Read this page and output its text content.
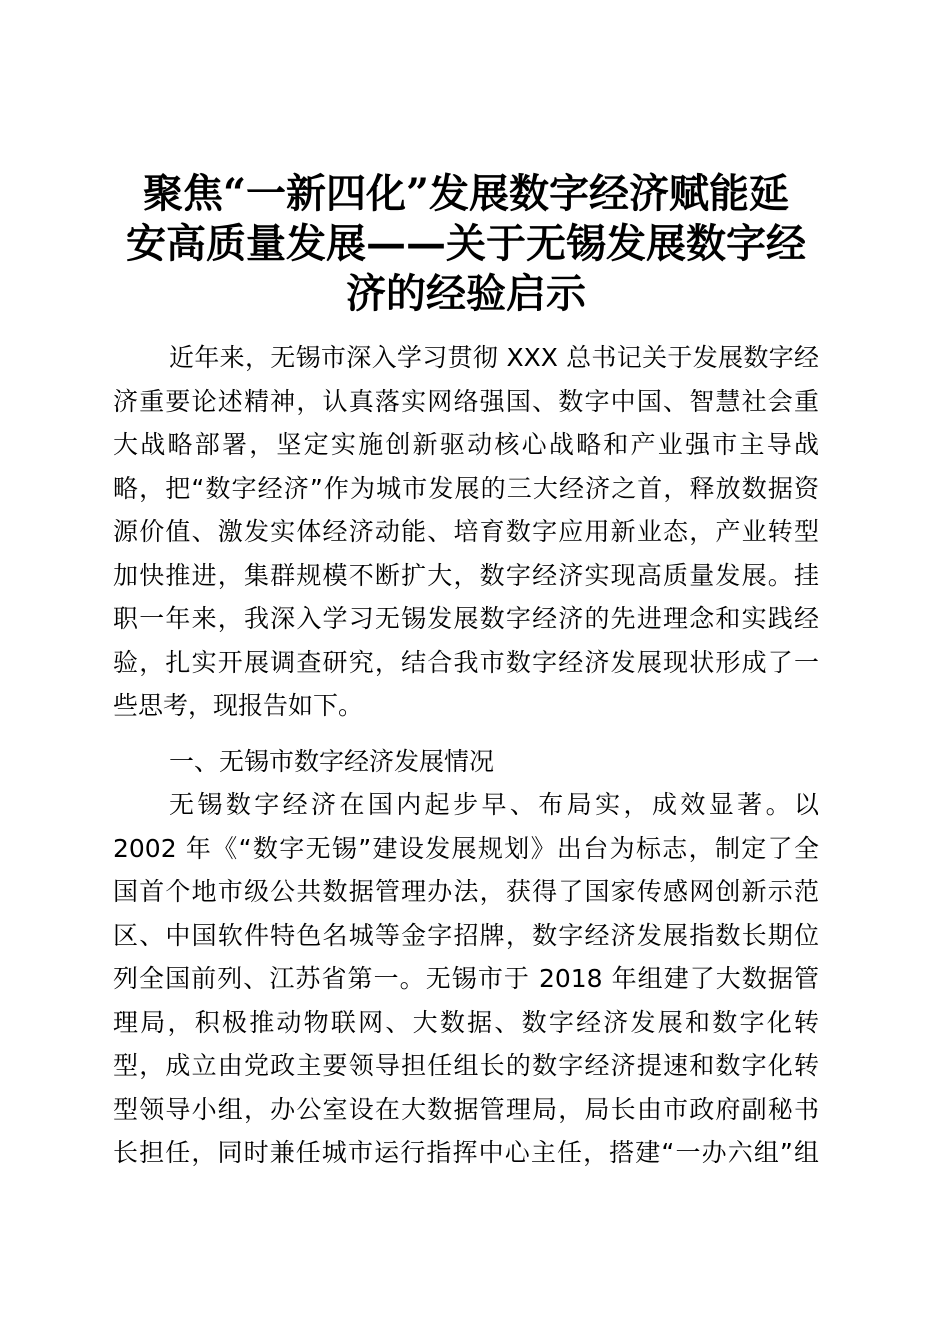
聚焦“一新四化”发展数字经济赋能延
安高质量发展——关于无锡发展数字经
济的经验启示
近年来，无锡市深入学习贯彻 XXX 总书记关于发展数字经
济重要论述精神，认真落实网络强国、数字中国、智慧社会重
大战略部署，坚定实施创新驱动核心战略和产业强市主导战
略，把“数字经济”作为城市发展的三大经济之首，释放数据资
源价值、激发实体经济动能、培育数字应用新业态，产业转型
加快推进，集群规模不断扩大，数字经济实现高质量发展。挂
职一年来，我深入学习无锡发展数字经济的先进理念和实践经
验，扎实开展调查研究，结合我市数字经济发展现状形成了一
些思考，现报告如下。
一、无锡市数字经济发展情况
无锡数字经济在国内起步早、布局实，成效显著。以
2002 年《“数字无锡”建设发展规划》出台为标志，制定了全
国首个地市级公共数据管理办法，获得了国家传感网创新示范
区、中国软件特色名城等金字招牌，数字经济发展指数长期位
列全国前列、江苏省第一。无锡市于 2018 年组建了大数据管
理局，积极推动物联网、大数据、数字经济发展和数字化转
型，成立由党政主要领导担任组长的数字经济提速和数字化转
型领导小组，办公室设在大数据管理局，局长由市政府副秘书
长担任，同时兼任城市运行指挥中心主任，搭建“一办六组”组
